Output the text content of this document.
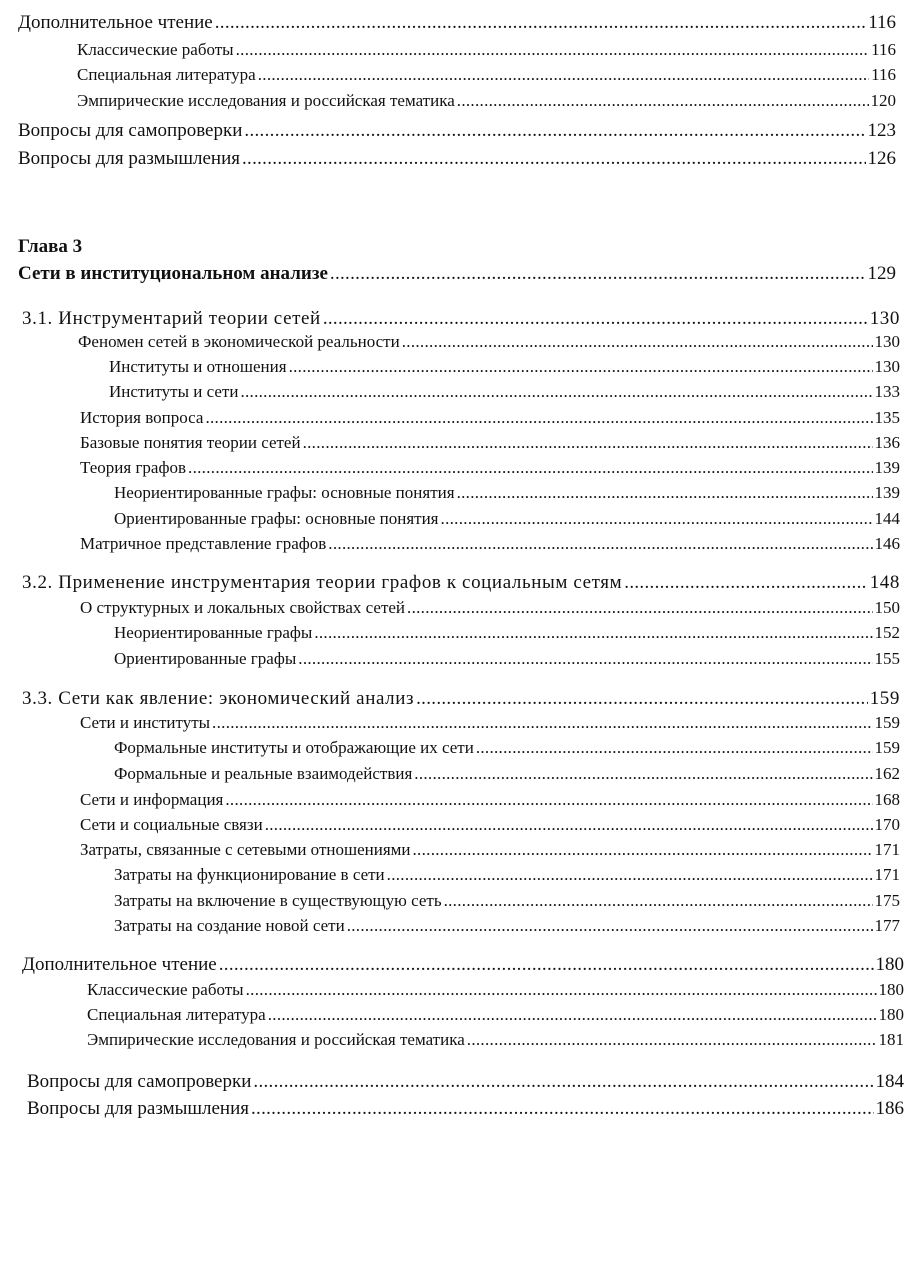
Дополнительное чтение .....	116
Классические работы .....	116
Специальная литература .....	116
Эмпирические исследования и российская тематика .....	120
Вопросы для самопроверки .....	123
Вопросы для размышления .....	126
Глава 3
Сети в институциональном анализе .....	129
3.1. Инструментарий теории сетей .....	130
Феномен сетей в экономической реальности .....	130
Институты и отношения .....	130
Институты и сети .....	133
История вопроса .....	135
Базовые понятия теории сетей .....	136
Теория графов .....	139
Неориентированные графы: основные понятия .....	139
Ориентированные графы: основные понятия .....	144
Матричное представление графов .....	146
3.2. Применение инструментария теории графов к социальным сетям .....	148
О структурных и локальных свойствах сетей .....	150
Неориентированные графы .....	152
Ориентированные графы .....	155
3.3. Сети как явление: экономический анализ .....	159
Сети и институты .....	159
Формальные институты и отображающие их сети .....	159
Формальные и реальные взаимодействия .....	162
Сети и информация .....	168
Сети и социальные связи .....	170
Затраты, связанные с сетевыми отношениями .....	171
Затраты на функционирование в сети .....	171
Затраты на включение в существующую сеть .....	175
Затраты на создание новой сети .....	177
Дополнительное чтение .....	180
Классические работы .....	180
Специальная литература .....	180
Эмпирические исследования и российская тематика .....	181
Вопросы для самопроверки .....	184
Вопросы для размышления .....	186
